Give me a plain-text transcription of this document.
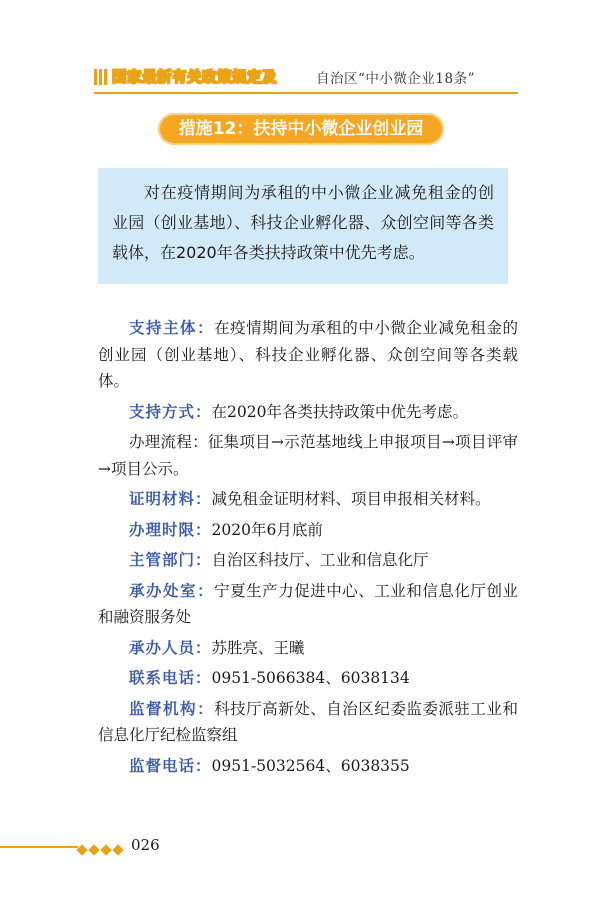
国家最新有关政策规定及	自治区“中小微企业18条”
措施12：扶持中小微企业创业园

对在疫情期间为承租的中小微企业减免租金的创业园（创业基地）、科技企业孵化器、众创空间等各类载体，在2020年各类扶持政策中优先考虑。

支持主体：在疫情期间为承租的中小微企业减免租金的创业园（创业基地）、科技企业孵化器、众创空间等各类载体。

支持方式：在2020年各类扶持政策中优先考虑。

办理流程：征集项目→示范基地线上申报项目→项目评审→项目公示。

证明材料：减免租金证明材料、项目申报相关材料。

办理时限：2020年6月底前

主管部门：自治区科技厅、工业和信息化厅

承办处室：宁夏生产力促进中心、工业和信息化厅创业和融资服务处

承办人员：苏胜亮、王曦

联系电话：0951-5066384、6038134

监督机构：科技厅高新处、自治区纪委监委派驻工业和信息化厅纪检监察组

监督电话：0951-5032564、6038355

026
